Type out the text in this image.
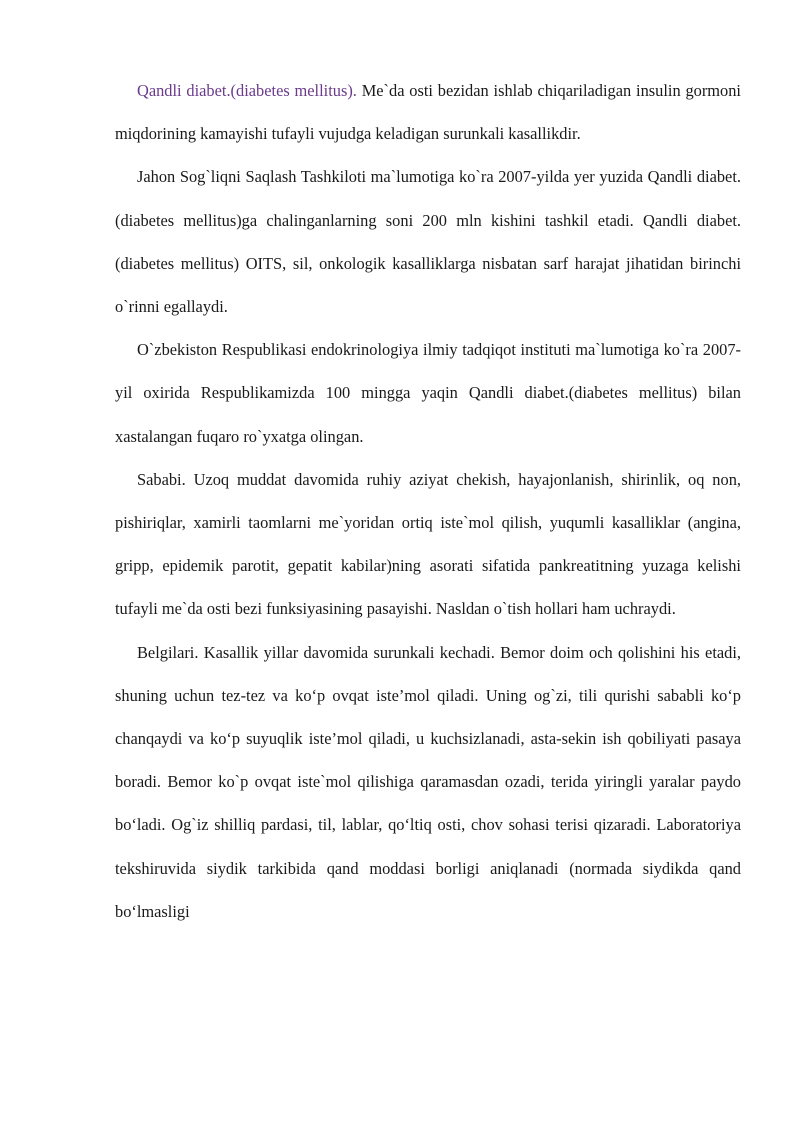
Qandli diabet.(diabetes mellitus). Me`da osti bezidan ishlab chiqariladigan insulin gormoni miqdorining kamayishi tufayli vujudga keladigan surunkali kasallikdir.

Jahon Sog`liqni Saqlash Tashkiloti ma`lumotiga ko`ra 2007-yilda yer yuzida Qandli diabet.(diabetes mellitus)ga chalinganlarning soni 200 mln kishini tashkil etadi. Qandli diabet.(diabetes mellitus) OITS, sil, onkologik kasalliklarga nisbatan sarf harajat jihatidan birinchi o`rinni egallaydi.

O`zbekiston Respublikasi endokrinologiya ilmiy tadqiqot instituti ma`lumotiga ko`ra 2007-yil oxirida Respublikamizda 100 mingga yaqin Qandli diabet.(diabetes mellitus) bilan xastalangan fuqaro ro`yxatga olingan.

Sababi. Uzoq muddat davomida ruhiy aziyat chekish, hayajonlanish, shirinlik, oq non, pishiriqlar, xamirli taomlarni me`yoridan ortiq iste`mol qilish, yuqumli kasalliklar (angina, gripp, epidemik parotit, gepatit kabilar)ning asorati sifatida pankreatitning yuzaga kelishi tufayli me`da osti bezi funksiyasining pasayishi. Nasldan o`tish hollari ham uchraydi.

Belgilari. Kasallik yillar davomida surunkali kechadi. Bemor doim och qolishini his etadi, shuning uchun tez-tez va ko‘p ovqat iste’mol qiladi. Uning og`zi, tili qurishi sababli ko‘p chanqaydi va ko‘p suyuqlik iste’mol qiladi, u kuchsizlanadi, asta-sekin ish qobiliyati pasaya boradi. Bemor ko`p ovqat iste`mol qilishiga qaramasdan ozadi, terida yiringli yaralar paydo bo‘ladi. Og`iz shilliq pardasi, til, lablar, qo‘ltiq osti, chov sohasi terisi qizaradi. Laboratoriya tekshiruvida siydik tarkibida qand moddasi borligi aniqlanadi (normada siydikda qand bo‘lmasligi
